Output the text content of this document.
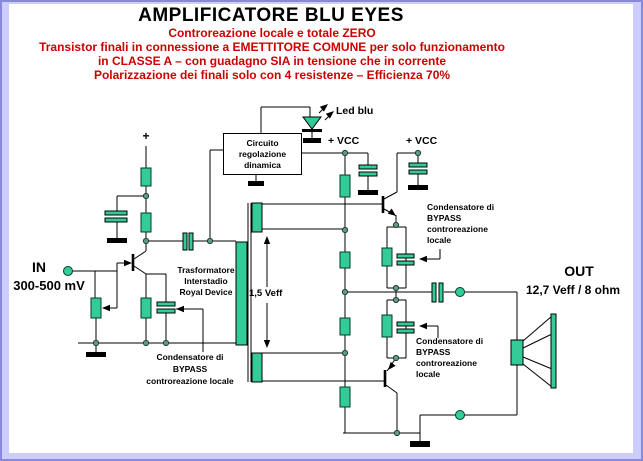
AMPLIFICATORE BLU EYES
Controreazione locale e totale ZERO
Transistor finali in connessione a EMETTITORE COMUNE per solo funzionamento
in CLASSE A – con guadagno SIA in tensione che in corrente
Polarizzazione dei finali solo con 4 resistenze – Efficienza 70%
Circuito
regolazione
dinamica
+
IN
300-500 mV
OUT
12,7 Veff / 8 ohm
+ VCC	+ VCC
Led blu
Trasformatore
Interstadio
Royal Device	1,5 Veff
Condensatore di
BYPASS
controreazione locale
Condensatore di
BYPASS
controreazione
locale
Condensatore di
BYPASS
controreazione
locale
